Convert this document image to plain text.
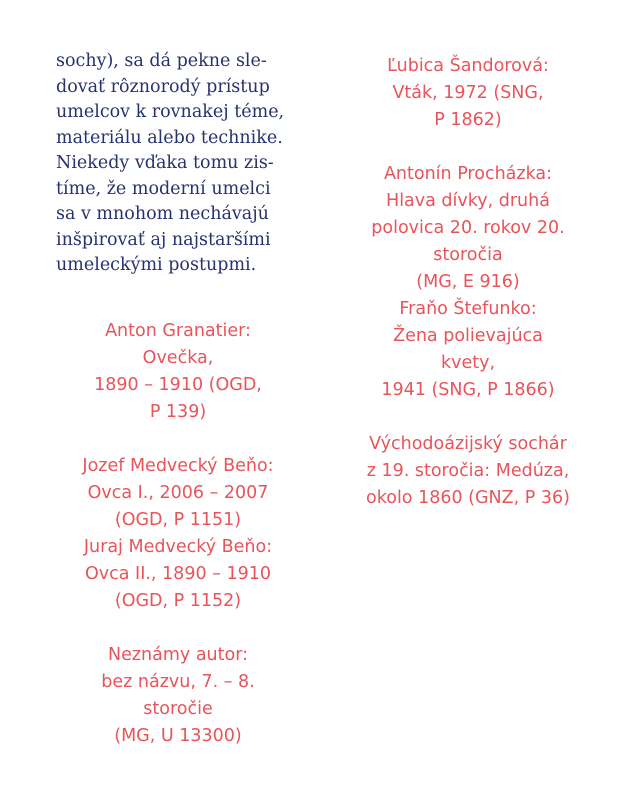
sochy), sa dá pekne sle-
dovať rôznorodý prístup
umelcov k rovnakej téme,
materiálu alebo technike.
Niekedy vďaka tomu zis-
tíme, že moderní umelci
sa v mnohom nechávajú
inšpirovať aj najstaršími
umeleckými postupmi.

Anton Granatier:
Ovečka,
1890 – 1910 (OGD,
P 139)
Jozef Medvecký Beňo:
Ovca I., 2006 – 2007
(OGD, P 1151)
Juraj Medvecký Beňo:
Ovca II., 1890 – 1910
(OGD, P 1152)
Neznámy autor:
bez názvu, 7. – 8.
storočie
(MG, U 13300)
Ľubica Šandorová:
Vták, 1972 (SNG,
P 1862)
Antonín Procházka:
Hlava dívky, druhá
polovica 20. rokov 20.
storočia
(MG, E 916)
Fraňo Štefunko:
Žena polievajúca
kvety,
1941 (SNG, P 1866)
Východoázijský sochár
z 19. storočia: Medúza,
okolo 1860 (GNZ, P 36)
